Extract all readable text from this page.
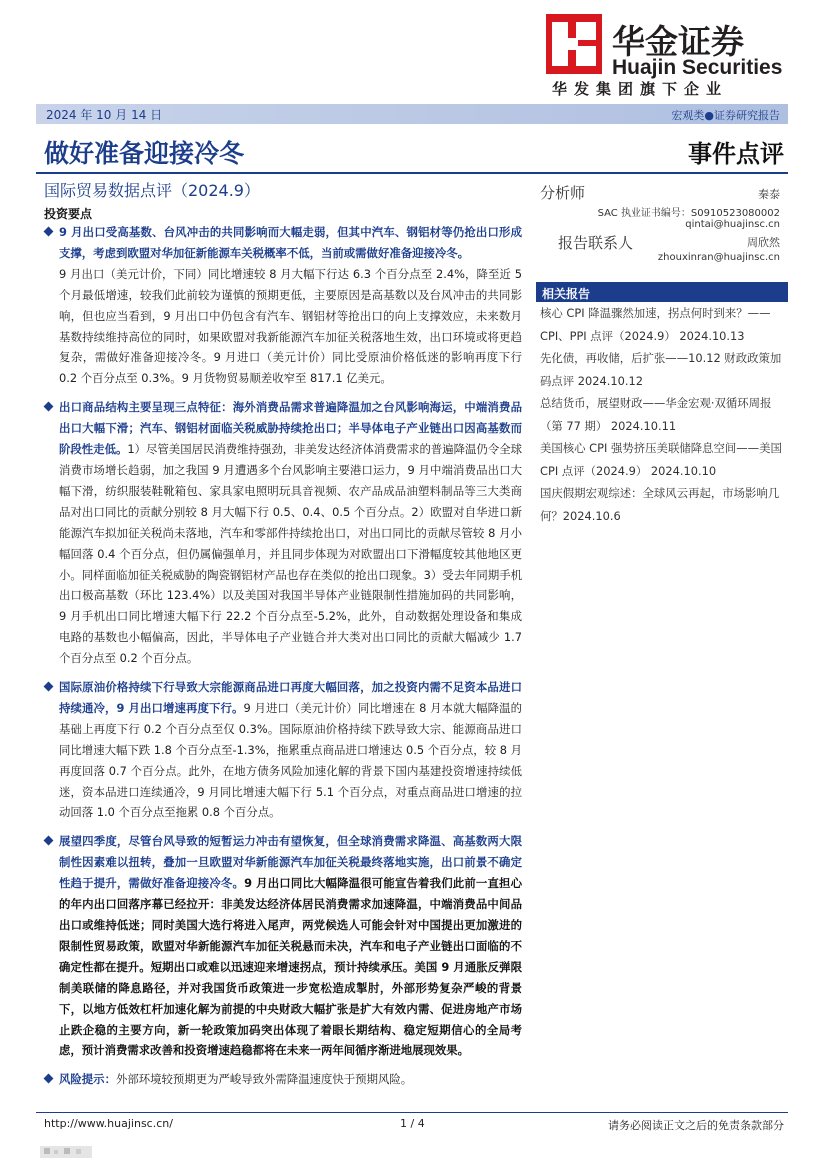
华金证券
Huajin Securities
华发集团旗下企业
2024 年 10 月 14 日	宏观类●证券研究报告
做好准备迎接冷冬	事件点评
国际贸易数据点评（2024.9）
投资要点
9 月出口受高基数、台风冲击的共同影响而大幅走弱，但其中汽车、钢铝材等仍抢出口形成支撑，考虑到欧盟对华加征新能源车关税概率不低，当前或需做好准备迎接冷冬。
9 月出口（美元计价，下同）同比增速较 8 月大幅下行达 6.3 个百分点至 2.4%，降至近 5 个月最低增速，较我们此前较为谨慎的预期更低，主要原因是高基数以及台风冲击的共同影响，但也应当看到，9 月出口中仍包含有汽车、钢铝材等抢出口的向上支撑效应，未来数月基数持续维持高位的同时，如果欧盟对我新能源汽车加征关税落地生效，出口环境或将更趋复杂，需做好准备迎接冷冬。9 月进口（美元计价）同比受原油价格低迷的影响再度下行 0.2 个百分点至 0.3%。9 月货物贸易顺差收窄至 817.1 亿美元。
出口商品结构主要呈现三点特征：海外消费品需求普遍降温加之台风影响海运，中端消费品出口大幅下滑；汽车、钢铝材面临关税威胁持续抢出口；半导体电子产业链出口因高基数而阶段性走低。1）尽管美国居民消费维持强劲，非美发达经济体消费需求的普遍降温仍令全球消费市场增长趋弱，加之我国 9 月遭遇多个台风影响主要港口运力，9 月中端消费品出口大幅下滑，纺织服装鞋靴箱包、家具家电照明玩具音视频、农产品成品油塑料制品等三大类商品对出口同比的贡献分别较 8 月大幅下行 0.5、0.4、0.5 个百分点。2）欧盟对自华进口新能源汽车拟加征关税尚未落地，汽车和零部件持续抢出口，对出口同比的贡献尽管较 8 月小幅回落 0.4 个百分点，但仍属偏强单月，并且同步体现为对欧盟出口下滑幅度较其他地区更小。同样面临加征关税威胁的陶瓷钢铝材产品也存在类似的抢出口现象。3）受去年同期手机出口极高基数（环比 123.4%）以及美国对我国半导体产业链限制性措施加码的共同影响，9 月手机出口同比增速大幅下行 22.2 个百分点至-5.2%，此外，自动数据处理设备和集成电路的基数也小幅偏高，因此，半导体电子产业链合并大类对出口同比的贡献大幅减少 1.7 个百分点至 0.2 个百分点。
国际原油价格持续下行导致大宗能源商品进口再度大幅回落，加之投资内需不足资本品进口持续通冷，9 月出口增速再度下行。9 月进口（美元计价）同比增速在 8 月本就大幅降温的基础上再度下行 0.2 个百分点至仅 0.3%。国际原油价格持续下跌导致大宗、能源商品进口同比增速大幅下跌 1.8 个百分点至-1.3%，拖累重点商品进口增速达 0.5 个百分点，较 8 月再度回落 0.7 个百分点。此外，在地方债务风险加速化解的背景下国内基建投资增速持续低迷，资本品进口连续通冷，9 月同比增速大幅下行 5.1 个百分点，对重点商品进口增速的拉动回落 1.0 个百分点至拖累 0.8 个百分点。
展望四季度，尽管台风导致的短暂运力冲击有望恢复，但全球消费需求降温、高基数两大限制性因素难以扭转，叠加一旦欧盟对华新能源汽车加征关税最终落地实施，出口前景不确定性趋于提升，需做好准备迎接冷冬。9 月出口同比大幅降温很可能宣告着我们此前一直担心的年内出口回落序幕已经拉开：非美发达经济体居民消费需求加速降温，中端消费品中间品出口或维持低迷；同时美国大选行将进入尾声，两党候选人可能会针对中国提出更加激进的限制性贸易政策，欧盟对华新能源汽车加征关税悬而未决，汽车和电子产业链出口面临的不确定性都在提升。短期出口或难以迅速迎来增速拐点，预计持续承压。美国 9 月通胀反弹限制美联储的降息路径，并对我国货币政策进一步宽松造成掣肘，外部形势复杂严峻的背景下，以地方低效杠杆加速化解为前提的中央财政大幅扩张是扩大有效内需、促进房地产市场止跌企稳的主要方向，新一轮政策加码突出体现了着眼长期结构、稳定短期信心的全局考虑，预计消费需求改善和投资增速趋稳都将在未来一两年间循序渐进地展现效果。
风险提示：外部环境较预期更为严峻导致外需降温速度快于预期风险。
分析师	秦泰
SAC 执业证书编号：S0910523080002
qintai@huajinsc.cn
报告联系人	周欣然
zhouxinran@huajinsc.cn
相关报告
核心 CPI 降温骤然加速，拐点何时到来？——CPI、PPI 点评（2024.9） 2024.10.13
先化债，再收储，后扩张——10.12 财政政策加码点评 2024.10.12
总结货币，展望财政——华金宏观·双循环周报（第 77 期） 2024.10.11
美国核心 CPI 强势挤压美联储降息空间——美国 CPI 点评（2024.9） 2024.10.10
国庆假期宏观综述：全球风云再起，市场影响几何？2024.10.6
http://www.huajinsc.cn/	1 / 4	请务必阅读正文之后的免责条款部分
